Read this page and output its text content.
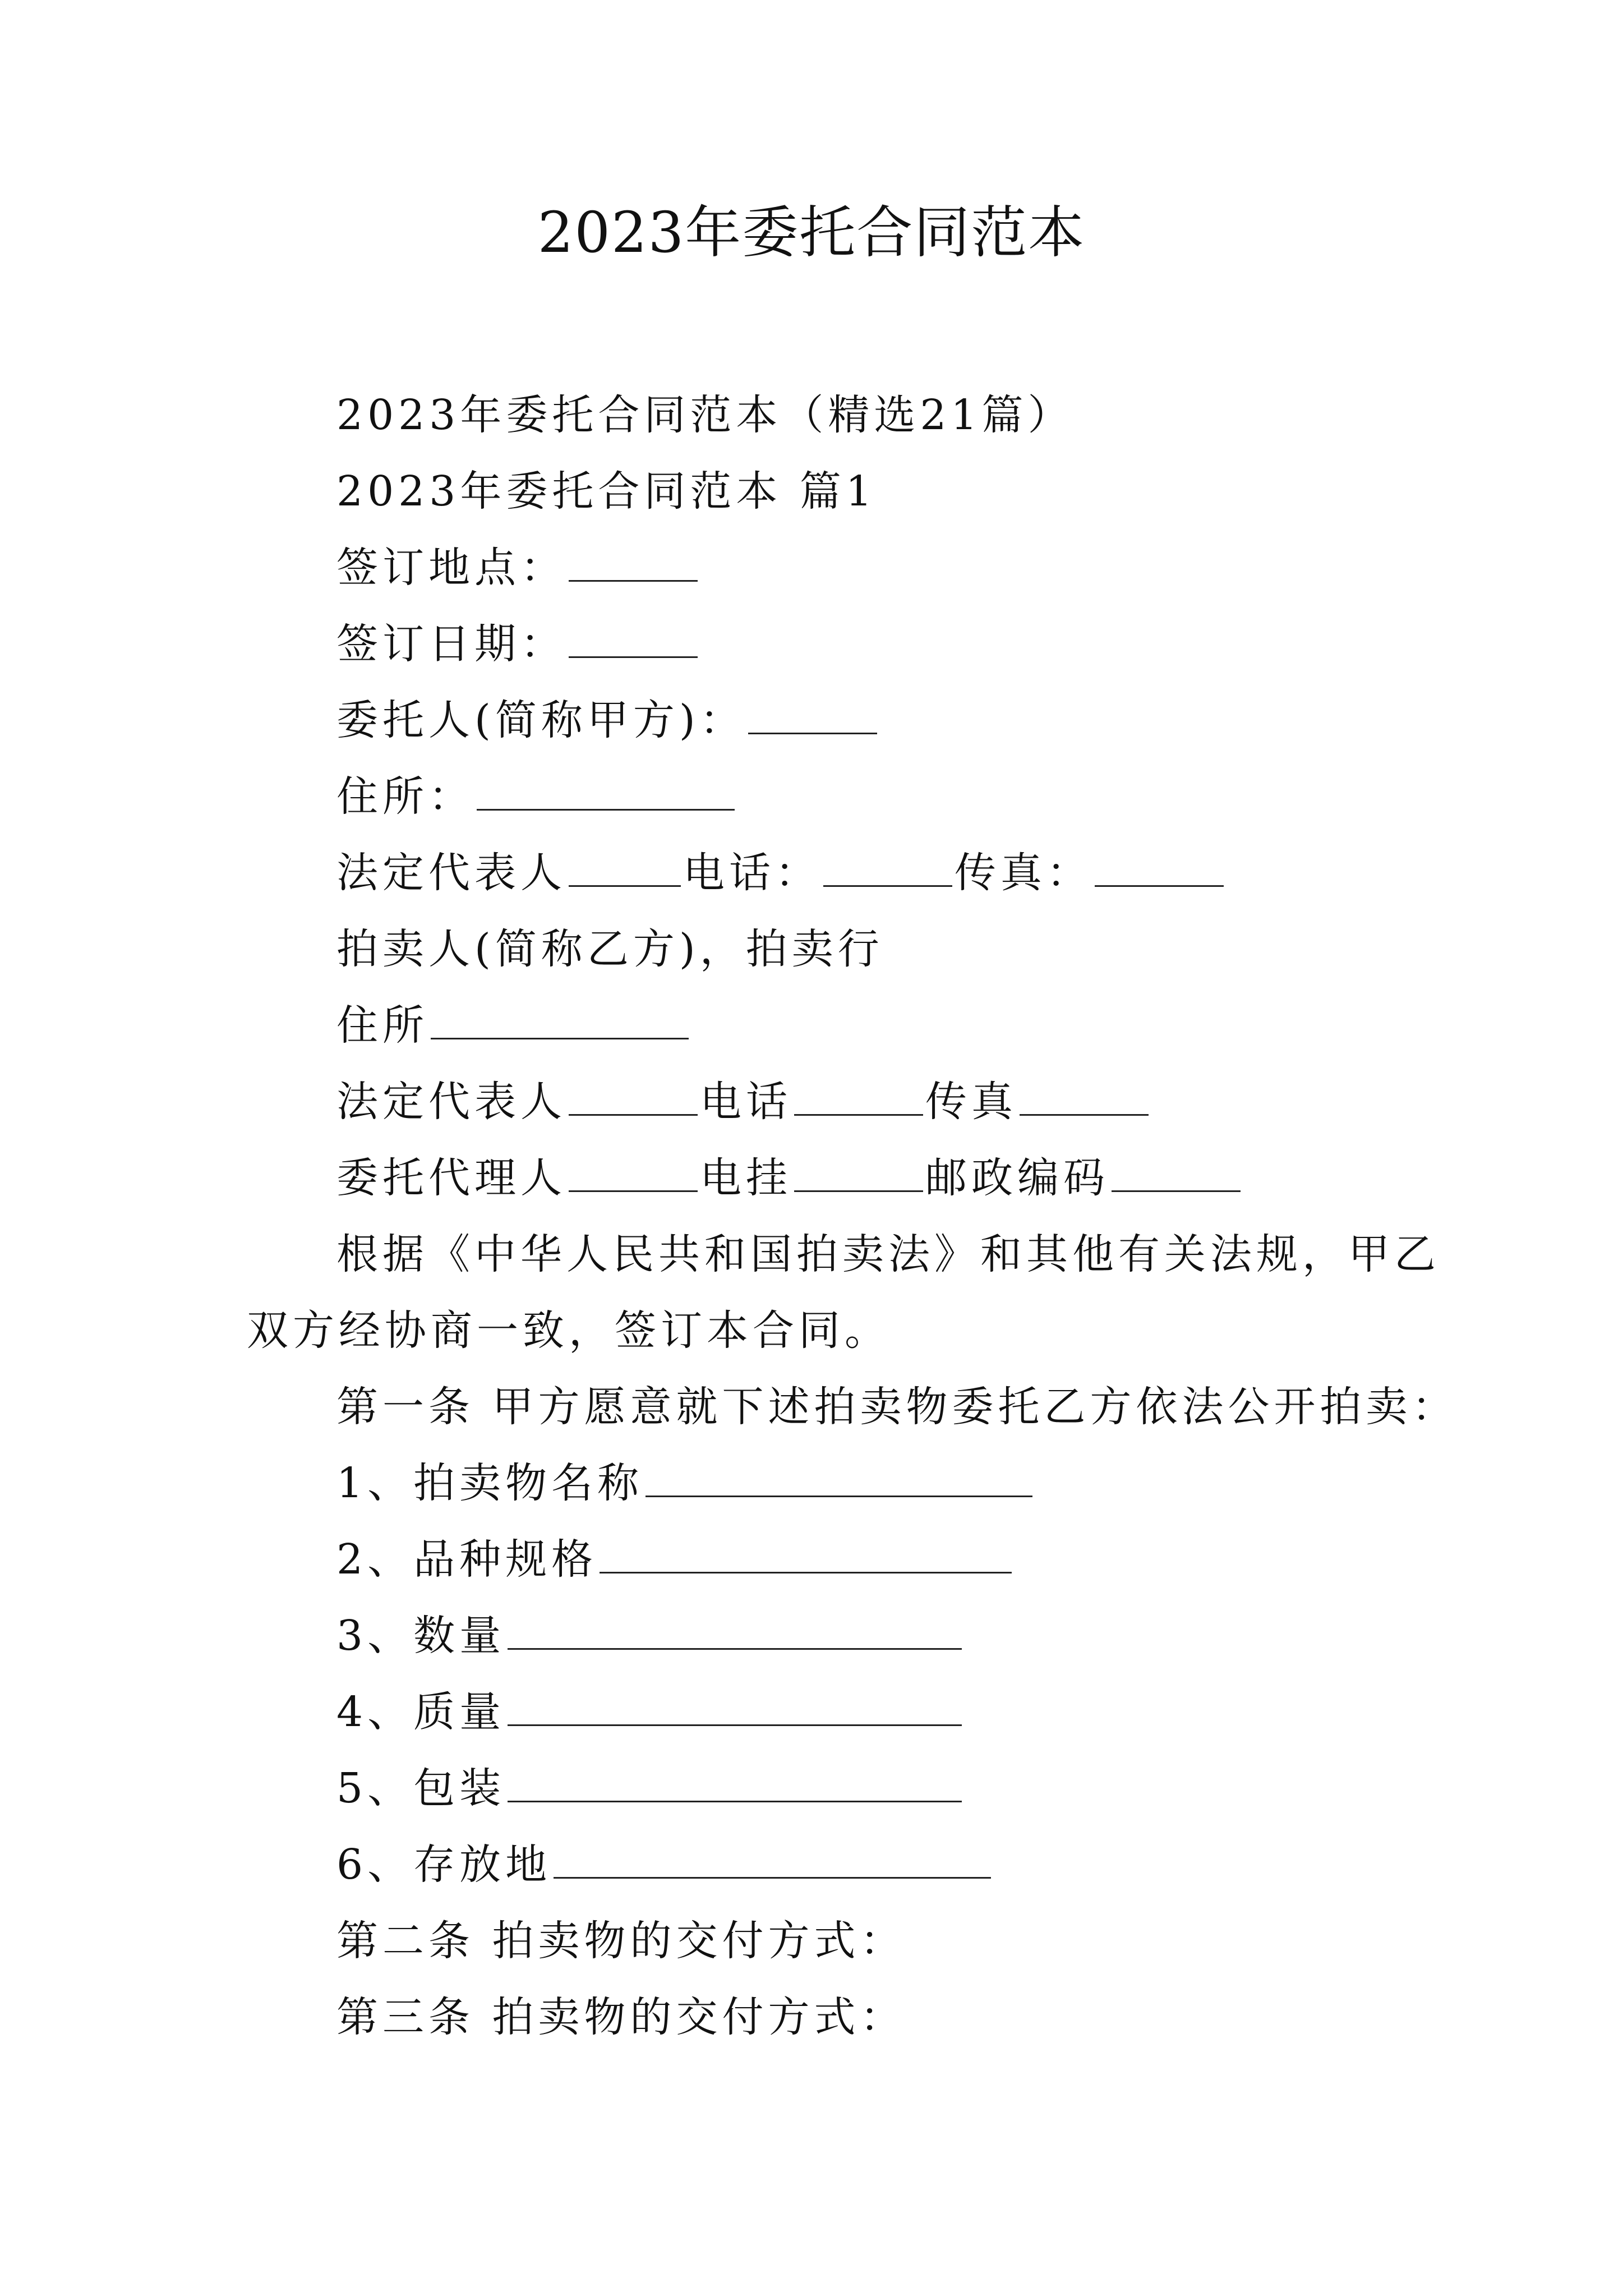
2023年委托合同范本
2023年委托合同范本（精选21篇）
2023年委托合同范本 篇1
签订地点：
签订日期：
委托人(简称甲方)：
住所：
法定代表人	电话：	传真：
拍卖人(简称乙方)，拍卖行
住所
法定代表人	电话	传真
委托代理人	电挂	邮政编码
根据《中华人民共和国拍卖法》和其他有关法规，甲乙
双方经协商一致，签订本合同。
第一条 甲方愿意就下述拍卖物委托乙方依法公开拍卖：
1、拍卖物名称
2、品种规格
3、数量
4、质量
5、包装
6、存放地
第二条 拍卖物的交付方式：
第三条 拍卖物的交付方式：
